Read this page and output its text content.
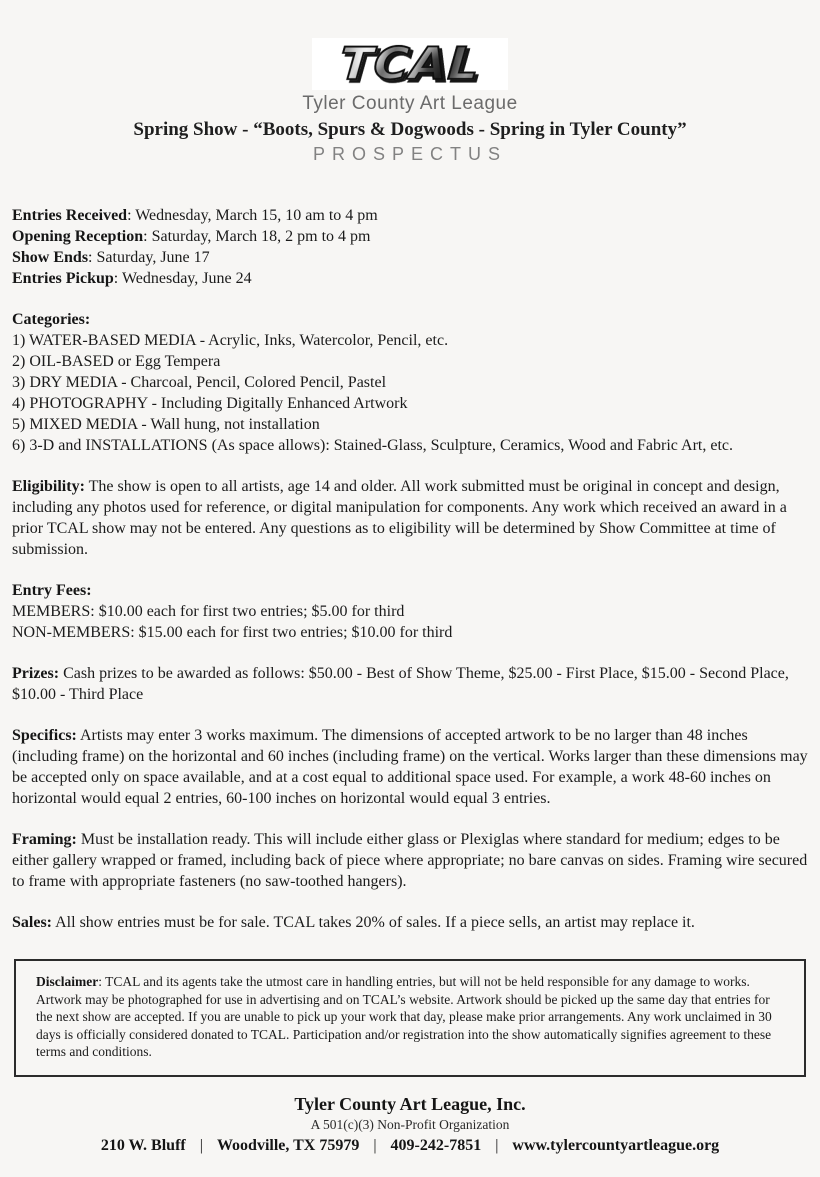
TCAL
Tyler County Art League
Spring Show - “Boots, Spurs & Dogwoods - Spring in Tyler County”
PROSPECTUS

Entries Received: Wednesday, March 15, 10 am to 4 pm

Opening Reception: Saturday, March 18, 2 pm to 4 pm

Show Ends: Saturday, June 17

Entries Pickup: Wednesday, June 24

Categories:

1) WATER-BASED MEDIA - Acrylic, Inks, Watercolor, Pencil, etc.

2) OIL-BASED or Egg Tempera

3) DRY MEDIA - Charcoal, Pencil, Colored Pencil, Pastel

4) PHOTOGRAPHY - Including Digitally Enhanced Artwork

5) MIXED MEDIA - Wall hung, not installation

6) 3-D and INSTALLATIONS (As space allows): Stained-Glass, Sculpture, Ceramics, Wood and Fabric Art, etc.

Eligibility: The show is open to all artists, age 14 and older. All work submitted must be original in concept and design, including any photos used for reference, or digital manipulation for components. Any work which received an award in a prior TCAL show may not be entered. Any questions as to eligibility will be determined by Show Committee at time of submission.

Entry Fees:

MEMBERS: $10.00 each for first two entries; $5.00 for third

NON-MEMBERS: $15.00 each for first two entries; $10.00 for third

Prizes: Cash prizes to be awarded as follows: $50.00 - Best of Show Theme, $25.00 - First Place, $15.00 - Second Place, $10.00 - Third Place

Specifics: Artists may enter 3 works maximum. The dimensions of accepted artwork to be no larger than 48 inches (including frame) on the horizontal and 60 inches (including frame) on the vertical. Works larger than these dimensions may be accepted only on space available, and at a cost equal to additional space used. For example, a work 48-60 inches on horizontal would equal 2 entries, 60-100 inches on horizontal would equal 3 entries.

Framing: Must be installation ready. This will include either glass or Plexiglas where standard for medium; edges to be either gallery wrapped or framed, including back of piece where appropriate; no bare canvas on sides. Framing wire secured to frame with appropriate fasteners (no saw-toothed hangers).

Sales: All show entries must be for sale. TCAL takes 20% of sales. If a piece sells, an artist may replace it.

Disclaimer: TCAL and its agents take the utmost care in handling entries, but will not be held responsible for any damage to works. Artwork may be photographed for use in advertising and on TCAL’s website. Artwork should be picked up the same day that entries for the next show are accepted. If you are unable to pick up your work that day, please make prior arrangements. Any work unclaimed in 30 days is officially considered donated to TCAL. Participation and/or registration into the show automatically signifies agreement to these terms and conditions.

Tyler County Art League, Inc.
A 501(c)(3) Non-Profit Organization
210 W. Bluff | Woodville, TX 75979 | 409-242-7851 | www.tylercountyartleague.org
